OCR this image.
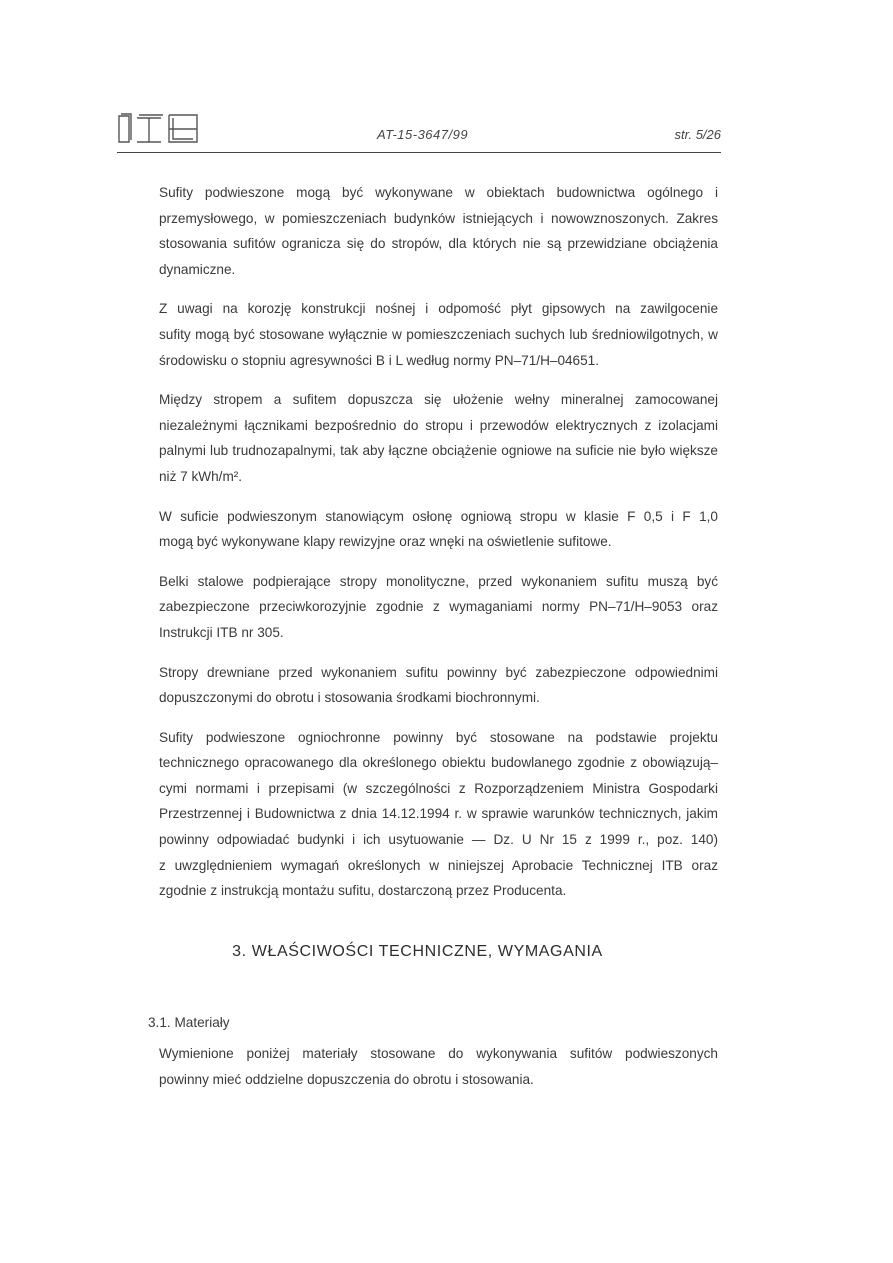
AT-15-3647/99	str. 5/26

Sufity podwieszone mogą być wykonywane w obiektach budownictwa ogólnego i
przemysłowego, w pomieszczeniach budynków istniejących i nowowznoszonych. Zakres
stosowania sufitów ogranicza się do stropów, dla których nie są przewidziane obciążenia
dynamiczne.

Z uwagi na korozję konstrukcji nośnej i odpomość płyt gipsowych na zawilgocenie
sufity mogą być stosowane wyłącznie w pomieszczeniach suchych lub średniowilgotnych, w
środowisku o stopniu agresywności B i L według normy PN–71/H–04651.

Między stropem a sufitem dopuszcza się ułożenie wełny mineralnej zamocowanej
niezależnymi łącznikami bezpośrednio do stropu i przewodów elektrycznych z izolacjami
palnymi lub trudnozapalnymi, tak aby łączne obciążenie ogniowe na suficie nie było większe
niż 7 kWh/m².

W suficie podwieszonym stanowiącym osłonę ogniową stropu w klasie F 0,5 i F 1,0
mogą być wykonywane klapy rewizyjne oraz wnęki na oświetlenie sufitowe.

Belki stalowe podpierające stropy monolityczne, przed wykonaniem sufitu muszą być
zabezpieczone przeciwkorozyjnie zgodnie z wymaganiami normy PN–71/H–9053 oraz
Instrukcji ITB nr 305.

Stropy drewniane przed wykonaniem sufitu powinny być zabezpieczone odpowiednimi
dopuszczonymi do obrotu i stosowania środkami biochronnymi.

Sufity podwieszone ogniochronne powinny być stosowane na podstawie projektu
technicznego opracowanego dla określonego obiektu budowlanego zgodnie z obowiązują–
cymi normami i przepisami (w szczególności z Rozporządzeniem Ministra Gospodarki
Przestrzennej i Budownictwa z dnia 14.12.1994 r. w sprawie warunków technicznych, jakim
powinny odpowiadać budynki i ich usytuowanie — Dz. U Nr 15 z 1999 r., poz. 140)
z uwzględnieniem wymagań określonych w niniejszej Aprobacie Technicznej ITB oraz
zgodnie z instrukcją montażu sufitu, dostarczoną przez Producenta.

3. WŁAŚCIWOŚCI TECHNICZNE, WYMAGANIA
3.1. Materiały

Wymienione poniżej materiały stosowane do wykonywania sufitów podwieszonych
powinny mieć oddzielne dopuszczenia do obrotu i stosowania.
